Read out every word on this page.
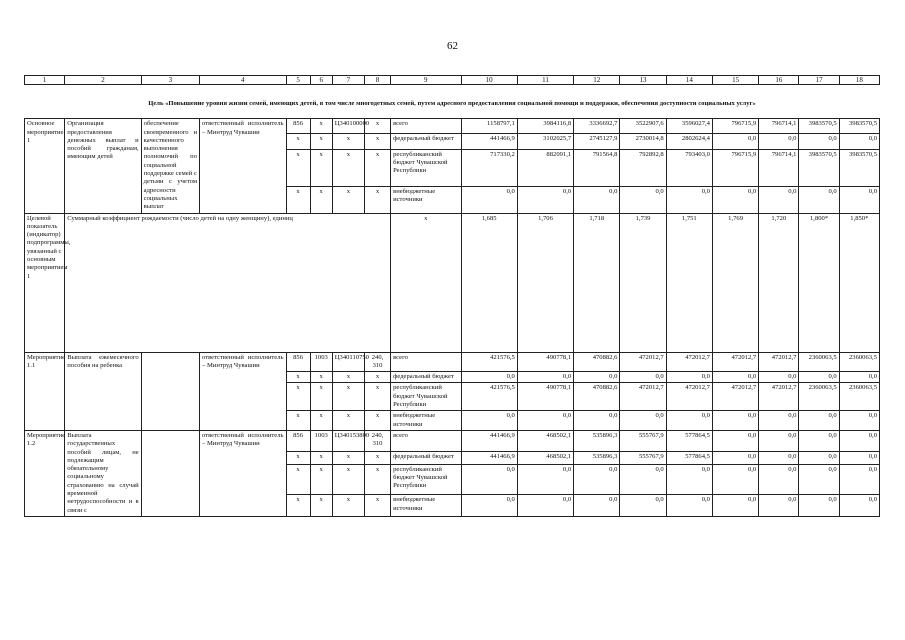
62
1	2	3	4	5	6	7	8	9	10	11	12	13	14	15	16	17	18
Цель «Повышение уровня жизни семей, имеющих детей, в том числе многодетных семей, путем адресного предоставления социальной помощи и поддержки, обеспечения доступности социальных услуг»																	
Основное мероприятие 1	Организация предоставления денежных выплат и пособий гражданам, имеющим детей	обеспечение своевременного и качественного выполнения полномочий по социальной поддержке семей с детьми с учетом адресности социальных выплат	ответственный исполнитель – Минтруд Чувашии	856	x	Ц340100000	x	всего	1158797,1	3984116,8	3336692,7	3522907,6	3596027,4	796715,9	796714,1	3983570,5	3983570,5
				x	x	x	x	федеральный бюджет	441466,9	3102025,7	2745127,9	2730014,8	2802624,4	0,0	0,0	0,0	0,0
				x	x	x	x	республиканский бюджет Чувашской Республики	717330,2	882091,1	791564,8	792892,8	793403,0	796715,9	796714,1	3983570,5	3983570,5
				x	x	x	x	внебюджетные источники	0,0	0,0	0,0	0,0	0,0	0,0	0,0	0,0	0,0
Целевой показатель (индикатор) подпрограммы, увязанный с основным мероприятием 1	Суммарный коэффициент рождаемости (число детей на одну женщину), единиц							x	1,685	1,706	1,718	1,739	1,751	1,769	1,720	1,800*	1,850*
Мероприятие 1.1	Выплата ежемесячного пособия на ребенка		ответственный исполнитель – Минтруд Чувашии	856	1003	Ц340110750	240, 310	всего	421576,5	490778,1	470882,6	472012,7	472012,7	472012,7	472012,7	2360063,5	2360063,5
				x	x	x	x	федеральный бюджет	0,0	0,0	0,0	0,0	0,0	0,0	0,0	0,0	0,0
				x	x	x	x	республиканский бюджет Чувашской Республики	421576,5	490778,1	470882,6	472012,7	472012,7	472012,7	472012,7	2360063,5	2360063,5
				x	x	x	x	внебюджетные источники	0,0	0,0	0,0	0,0	0,0	0,0	0,0	0,0	0,0
Мероприятие 1.2	Выплата государственных пособий лицам, не подлежащим обязательному социальному страхованию на случай временной нетрудоспособности и в связи с		ответственный исполнитель – Минтруд Чувашии	856	1003	Ц340153800	240, 310	всего	441466,9	468502,1	535896,3	555767,9	577864,5	0,0	0,0	0,0	0,0
				x	x	x	x	федеральный бюджет	441466,9	468502,1	535896,3	555767,9	577864,5	0,0	0,0	0,0	0,0
				x	x	x	x	республиканский бюджет Чувашской Республики	0,0	0,0	0,0	0,0	0,0	0,0	0,0	0,0	0,0
				x	x	x	x	внебюджетные источники	0,0	0,0	0,0	0,0	0,0	0,0	0,0	0,0	0,0
